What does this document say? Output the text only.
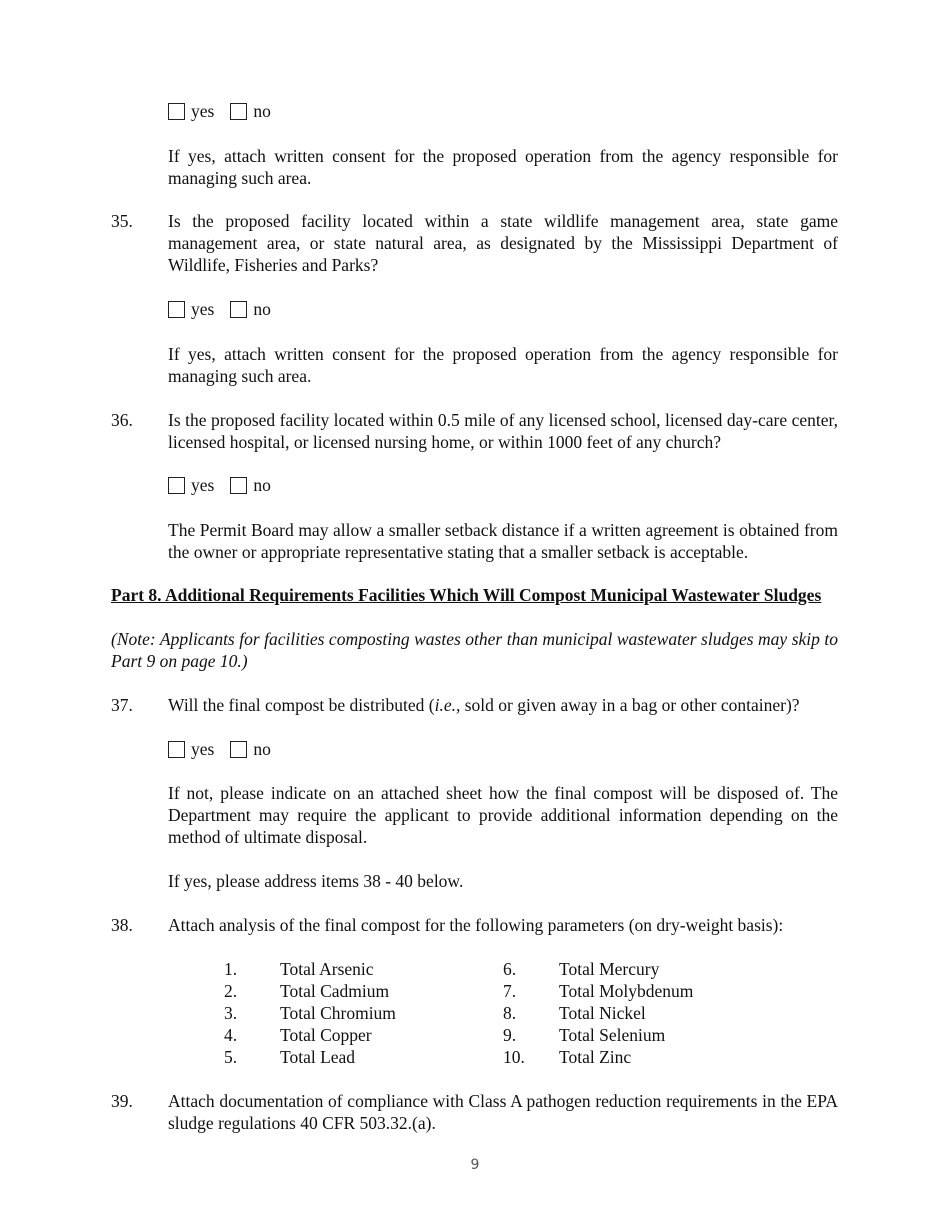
yes no
If yes, attach written consent for the proposed operation from the agency responsible for managing such area.
35.	Is the proposed facility located within a state wildlife management area, state game management area, or state natural area, as designated by the Mississippi Department of Wildlife, Fisheries and Parks?
yes no
If yes, attach written consent for the proposed operation from the agency responsible for managing such area.
36.	Is the proposed facility located within 0.5 mile of any licensed school, licensed day-care center, licensed hospital, or licensed nursing home, or within 1000 feet of any church?
yes no
The Permit Board may allow a smaller setback distance if a written agreement is obtained from the owner or appropriate representative stating that a smaller setback is acceptable.
Part 8. Additional Requirements Facilities Which Will Compost Municipal Wastewater Sludges
(Note: Applicants for facilities composting wastes other than municipal wastewater sludges may skip to Part 9 on page 10.)
37.	Will the final compost be distributed (i.e., sold or given away in a bag or other container)?
yes no
If not, please indicate on an attached sheet how the final compost will be disposed of. The Department may require the applicant to provide additional information depending on the method of ultimate disposal.
If yes, please address items 38 - 40 below.
38.	Attach analysis of the final compost for the following parameters (on dry-weight basis):
1. Total Arsenic
2. Total Cadmium
3. Total Chromium
4. Total Copper
5. Total Lead
6. Total Mercury
7. Total Molybdenum
8. Total Nickel
9. Total Selenium
10. Total Zinc
39.	Attach documentation of compliance with Class A pathogen reduction requirements in the EPA sludge regulations 40 CFR 503.32.(a).
9
